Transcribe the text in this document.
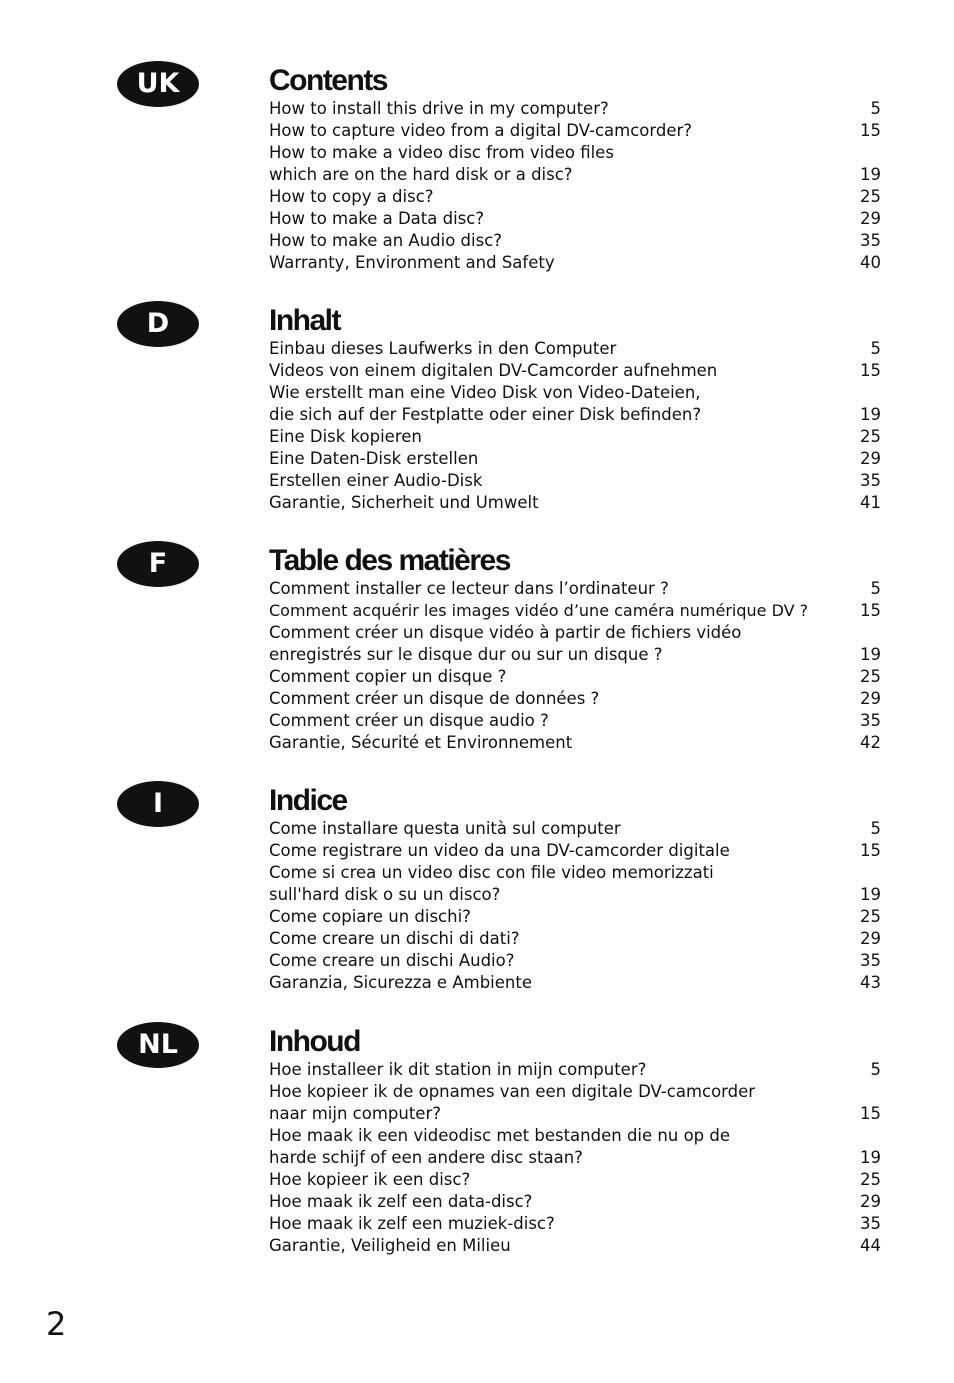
UK	Contents
How to install this drive in my computer?	5
How to capture video from a digital DV-camcorder?	15
How to make a video disc from video files
which are on the hard disk or a disc?	19
How to copy a disc?	25
How to make a Data disc?	29
How to make an Audio disc?	35
Warranty, Environment and Safety	40
D	Inhalt
Einbau dieses Laufwerks in den Computer	5
Videos von einem digitalen DV-Camcorder aufnehmen	15
Wie erstellt man eine Video Disk von Video-Dateien,
die sich auf der Festplatte oder einer Disk befinden?	19
Eine Disk kopieren	25
Eine Daten-Disk erstellen	29
Erstellen einer Audio-Disk	35
Garantie, Sicherheit und Umwelt	41
F	Table des matières
Comment installer ce lecteur dans l’ordinateur ?	5
Comment acquérir les images vidéo d’une caméra numérique DV ?	15
Comment créer un disque vidéo à partir de fichiers vidéo
enregistrés sur le disque dur ou sur un disque ?	19
Comment copier un disque ?	25
Comment créer un disque de données ?	29
Comment créer un disque audio ?	35
Garantie, Sécurité et Environnement	42
I	Indice
Come installare questa unità sul computer	5
Come registrare un video da una DV-camcorder digitale	15
Come si crea un video disc con file video memorizzati
sull'hard disk o su un disco?	19
Come copiare un dischi?	25
Come creare un dischi di dati?	29
Come creare un dischi Audio?	35
Garanzia, Sicurezza e Ambiente	43
NL	Inhoud
Hoe installeer ik dit station in mijn computer?	5
Hoe kopieer ik de opnames van een digitale DV-camcorder
naar mijn computer?	15
Hoe maak ik een videodisc met bestanden die nu op de
harde schijf of een andere disc staan?	19
Hoe kopieer ik een disc?	25
Hoe maak ik zelf een data-disc?	29
Hoe maak ik zelf een muziek-disc?	35
Garantie, Veiligheid en Milieu	44
2
